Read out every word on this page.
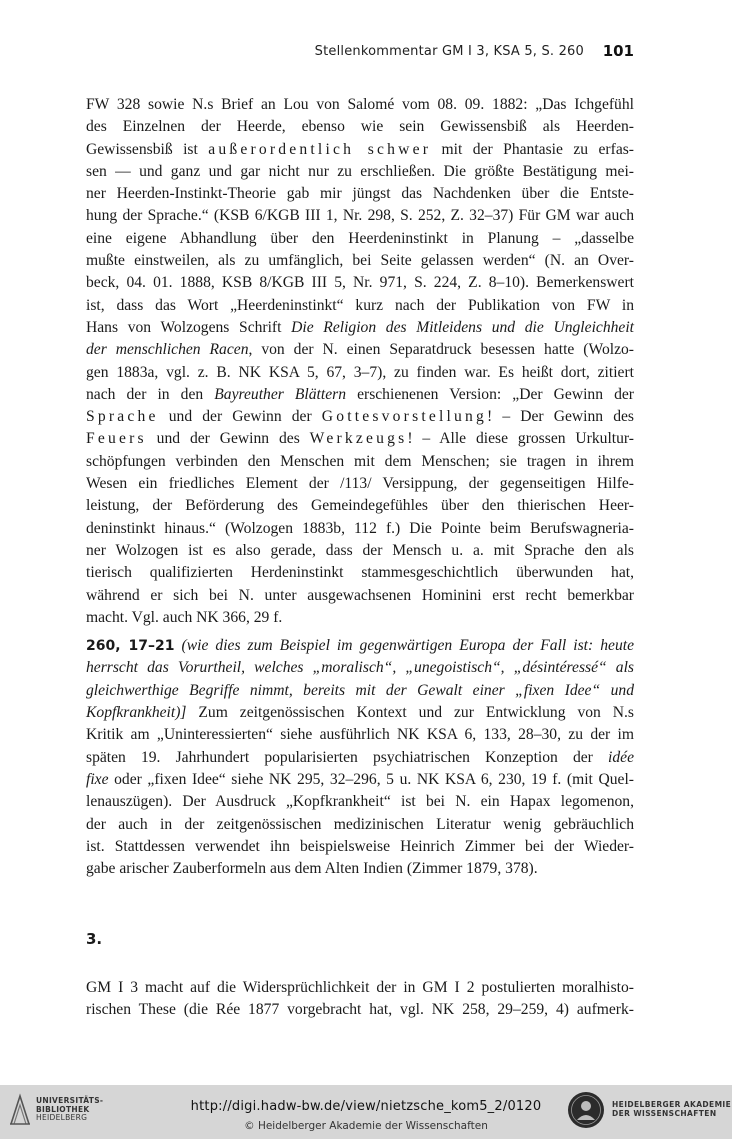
Stellenkommentar GM I 3, KSA 5, S. 260 101
FW 328 sowie N.s Brief an Lou von Salomé vom 08. 09. 1882: „Das Ichgefühl
des Einzelnen der Heerde, ebenso wie sein Gewissensbiß als Heerden-
Gewissensbiß ist außerordentlich schwer mit der Phantasie zu erfas-
sen — und ganz und gar nicht nur zu erschließen. Die größte Bestätigung mei-
ner Heerden-Instinkt-Theorie gab mir jüngst das Nachdenken über die Entste-
hung der Sprache.“ (KSB 6/KGB III 1, Nr. 298, S. 252, Z. 32–37) Für GM war auch
eine eigene Abhandlung über den Heerdeninstinkt in Planung – „dasselbe
mußte einstweilen, als zu umfänglich, bei Seite gelassen werden“ (N. an Over-
beck, 04. 01. 1888, KSB 8/KGB III 5, Nr. 971, S. 224, Z. 8–10). Bemerkenswert
ist, dass das Wort „Heerdeninstinkt“ kurz nach der Publikation von FW in
Hans von Wolzogens Schrift Die Religion des Mitleidens und die Ungleichheit
der menschlichen Racen, von der N. einen Separatdruck besessen hatte (Wolzo-
gen 1883a, vgl. z. B. NK KSA 5, 67, 3–7), zu finden war. Es heißt dort, zitiert
nach der in den Bayreuther Blättern erschienenen Version: „Der Gewinn der
Sprache und der Gewinn der Gottesvorstellung! – Der Gewinn des
Feuers und der Gewinn des Werkzeugs! – Alle diese grossen Urkultur-
schöpfungen verbinden den Menschen mit dem Menschen; sie tragen in ihrem
Wesen ein friedliches Element der /113/ Versippung, der gegenseitigen Hilfe-
leistung, der Beförderung des Gemeindegefühles über den thierischen Heer-
deninstinkt hinaus.“ (Wolzogen 1883b, 112 f.) Die Pointe beim Berufswagneria-
ner Wolzogen ist es also gerade, dass der Mensch u. a. mit Sprache den als
tierisch qualifizierten Herdeninstinkt stammesgeschichtlich überwunden hat,
während er sich bei N. unter ausgewachsenen Hominini erst recht bemerkbar
macht. Vgl. auch NK 366, 29 f.
260, 17–21 (wie dies zum Beispiel im gegenwärtigen Europa der Fall ist: heute
herrscht das Vorurtheil, welches „moralisch“, „unegoistisch“, „désintéressé“ als
gleichwerthige Begriffe nimmt, bereits mit der Gewalt einer „fixen Idee“ und
Kopfkrankheit)] Zum zeitgenössischen Kontext und zur Entwicklung von N.s
Kritik am „Uninteressierten“ siehe ausführlich NK KSA 6, 133, 28–30, zu der im
späten 19. Jahrhundert popularisierten psychiatrischen Konzeption der idée
fixe oder „fixen Idee“ siehe NK 295, 32–296, 5 u. NK KSA 6, 230, 19 f. (mit Quel-
lenauszügen). Der Ausdruck „Kopfkrankheit“ ist bei N. ein Hapax legomenon,
der auch in der zeitgenössischen medizinischen Literatur wenig gebräuchlich
ist. Stattdessen verwendet ihn beispielsweise Heinrich Zimmer bei der Wieder-
gabe arischer Zauberformeln aus dem Alten Indien (Zimmer 1879, 378).
3.
GM I 3 macht auf die Widersprüchlichkeit der in GM I 2 postulierten moralhisto-
rischen These (die Rée 1877 vorgebracht hat, vgl. NK 258, 29–259, 4) aufmerk-
UNIVERSITÄTS-
BIBLIOTHEK
HEIDELBERG
http://digi.hadw-bw.de/view/nietzsche_kom5_2/0120
© Heidelberger Akademie der Wissenschaften
HEIDELBERGER AKADEMIE
DER WISSENSCHAFTEN
